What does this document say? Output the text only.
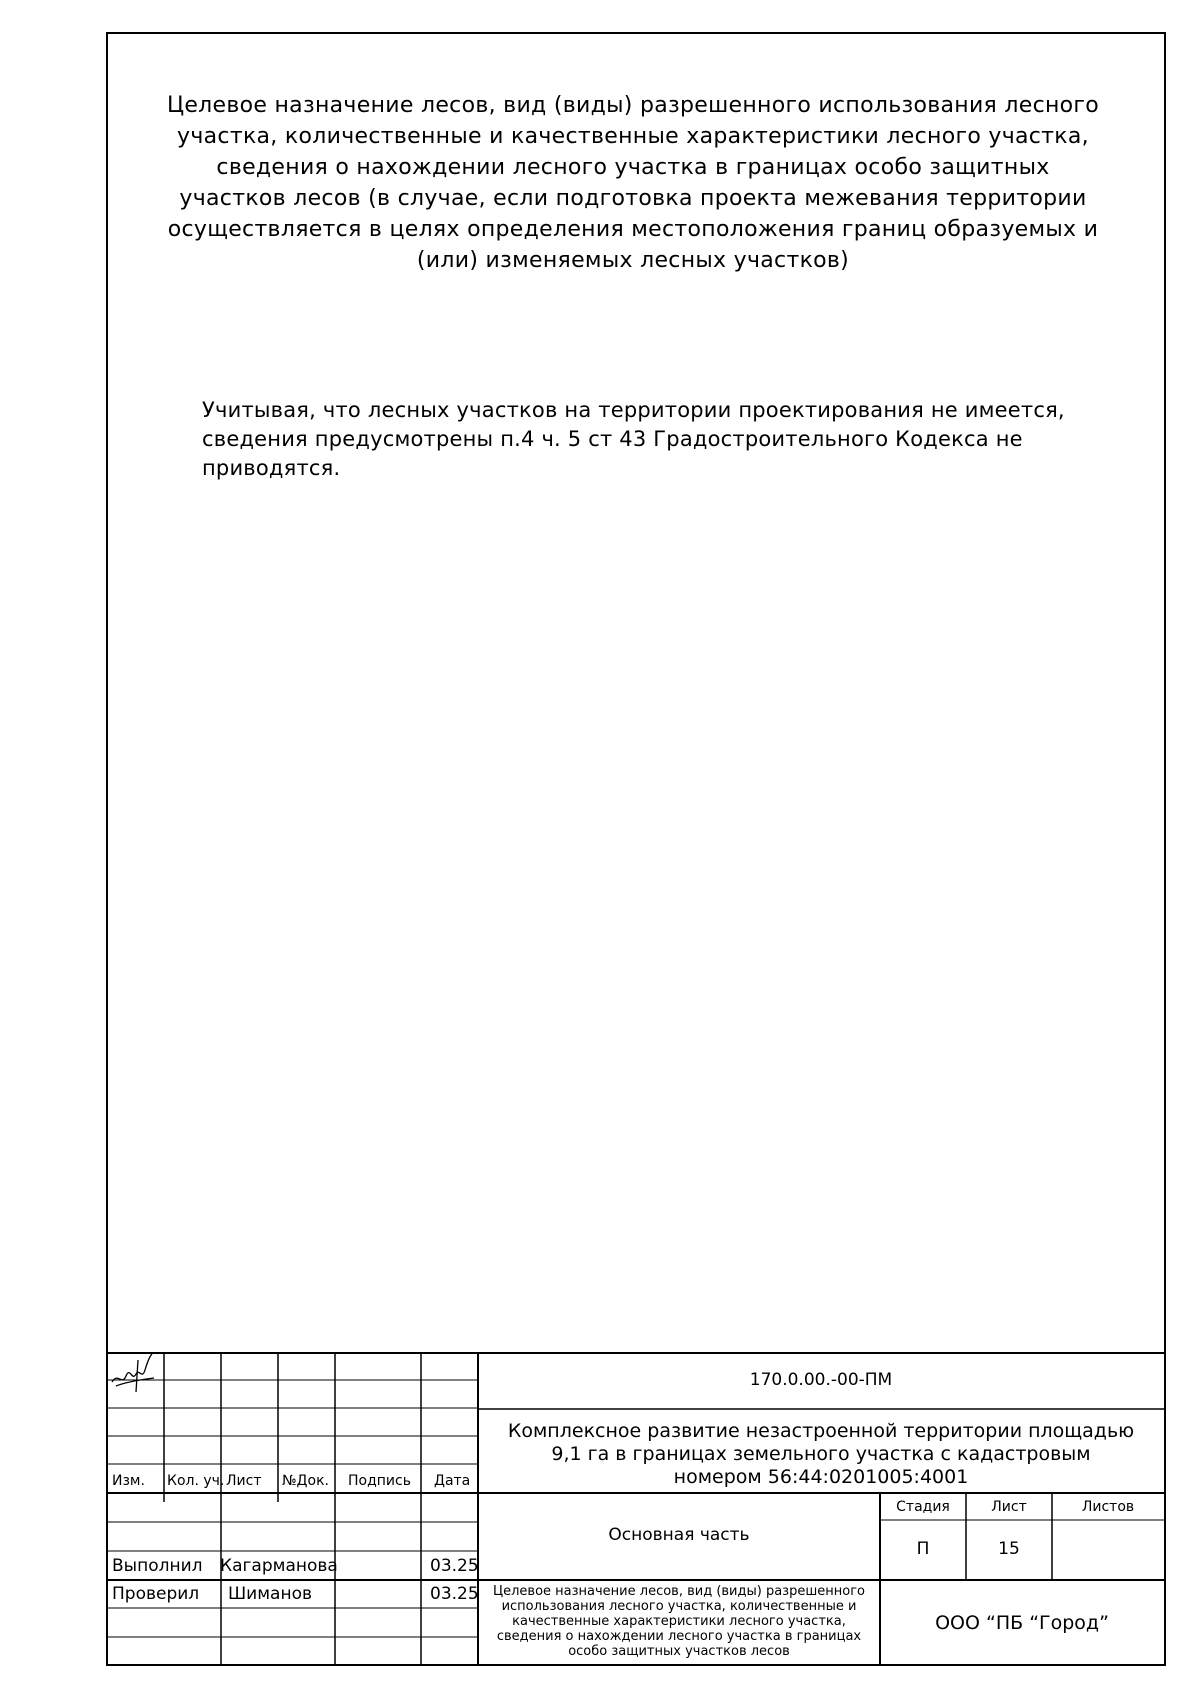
Целевое назначение лесов, вид (виды) разрешенного использования лесного
участка, количественные и качественные характеристики лесного участка,
сведения о нахождении лесного участка в границах особо защитных
участков лесов (в случае, если подготовка проекта межевания территории
осуществляется в целях определения местоположения границ образуемых и
(или) изменяемых лесных участков)
Учитывая, что лесных участков на территории проектирования не имеется,
сведения предусмотрены п.4 ч. 5 ст 43 Градостроительного Кодекса не
приводятся.
Изм. Кол. уч. Лист №Док. Подпись Дата
Выполнил Кагарманова	03.25
Проверил Шиманов	03.25
170.0.00.-00-ПМ
Комплексное развитие незастроенной территории площадью
9,1 га в границах земельного участка с кадастровым
номером 56:44:0201005:4001
Основная часть
Стадия	Лист	Листов
П	15
Целевое назначение лесов, вид (виды) разрешенного
использования лесного участка, количественные и
качественные характеристики лесного участка,
сведения о нахождении лесного участка в границах
особо защитных участков лесов
ООО “ПБ “Город”
